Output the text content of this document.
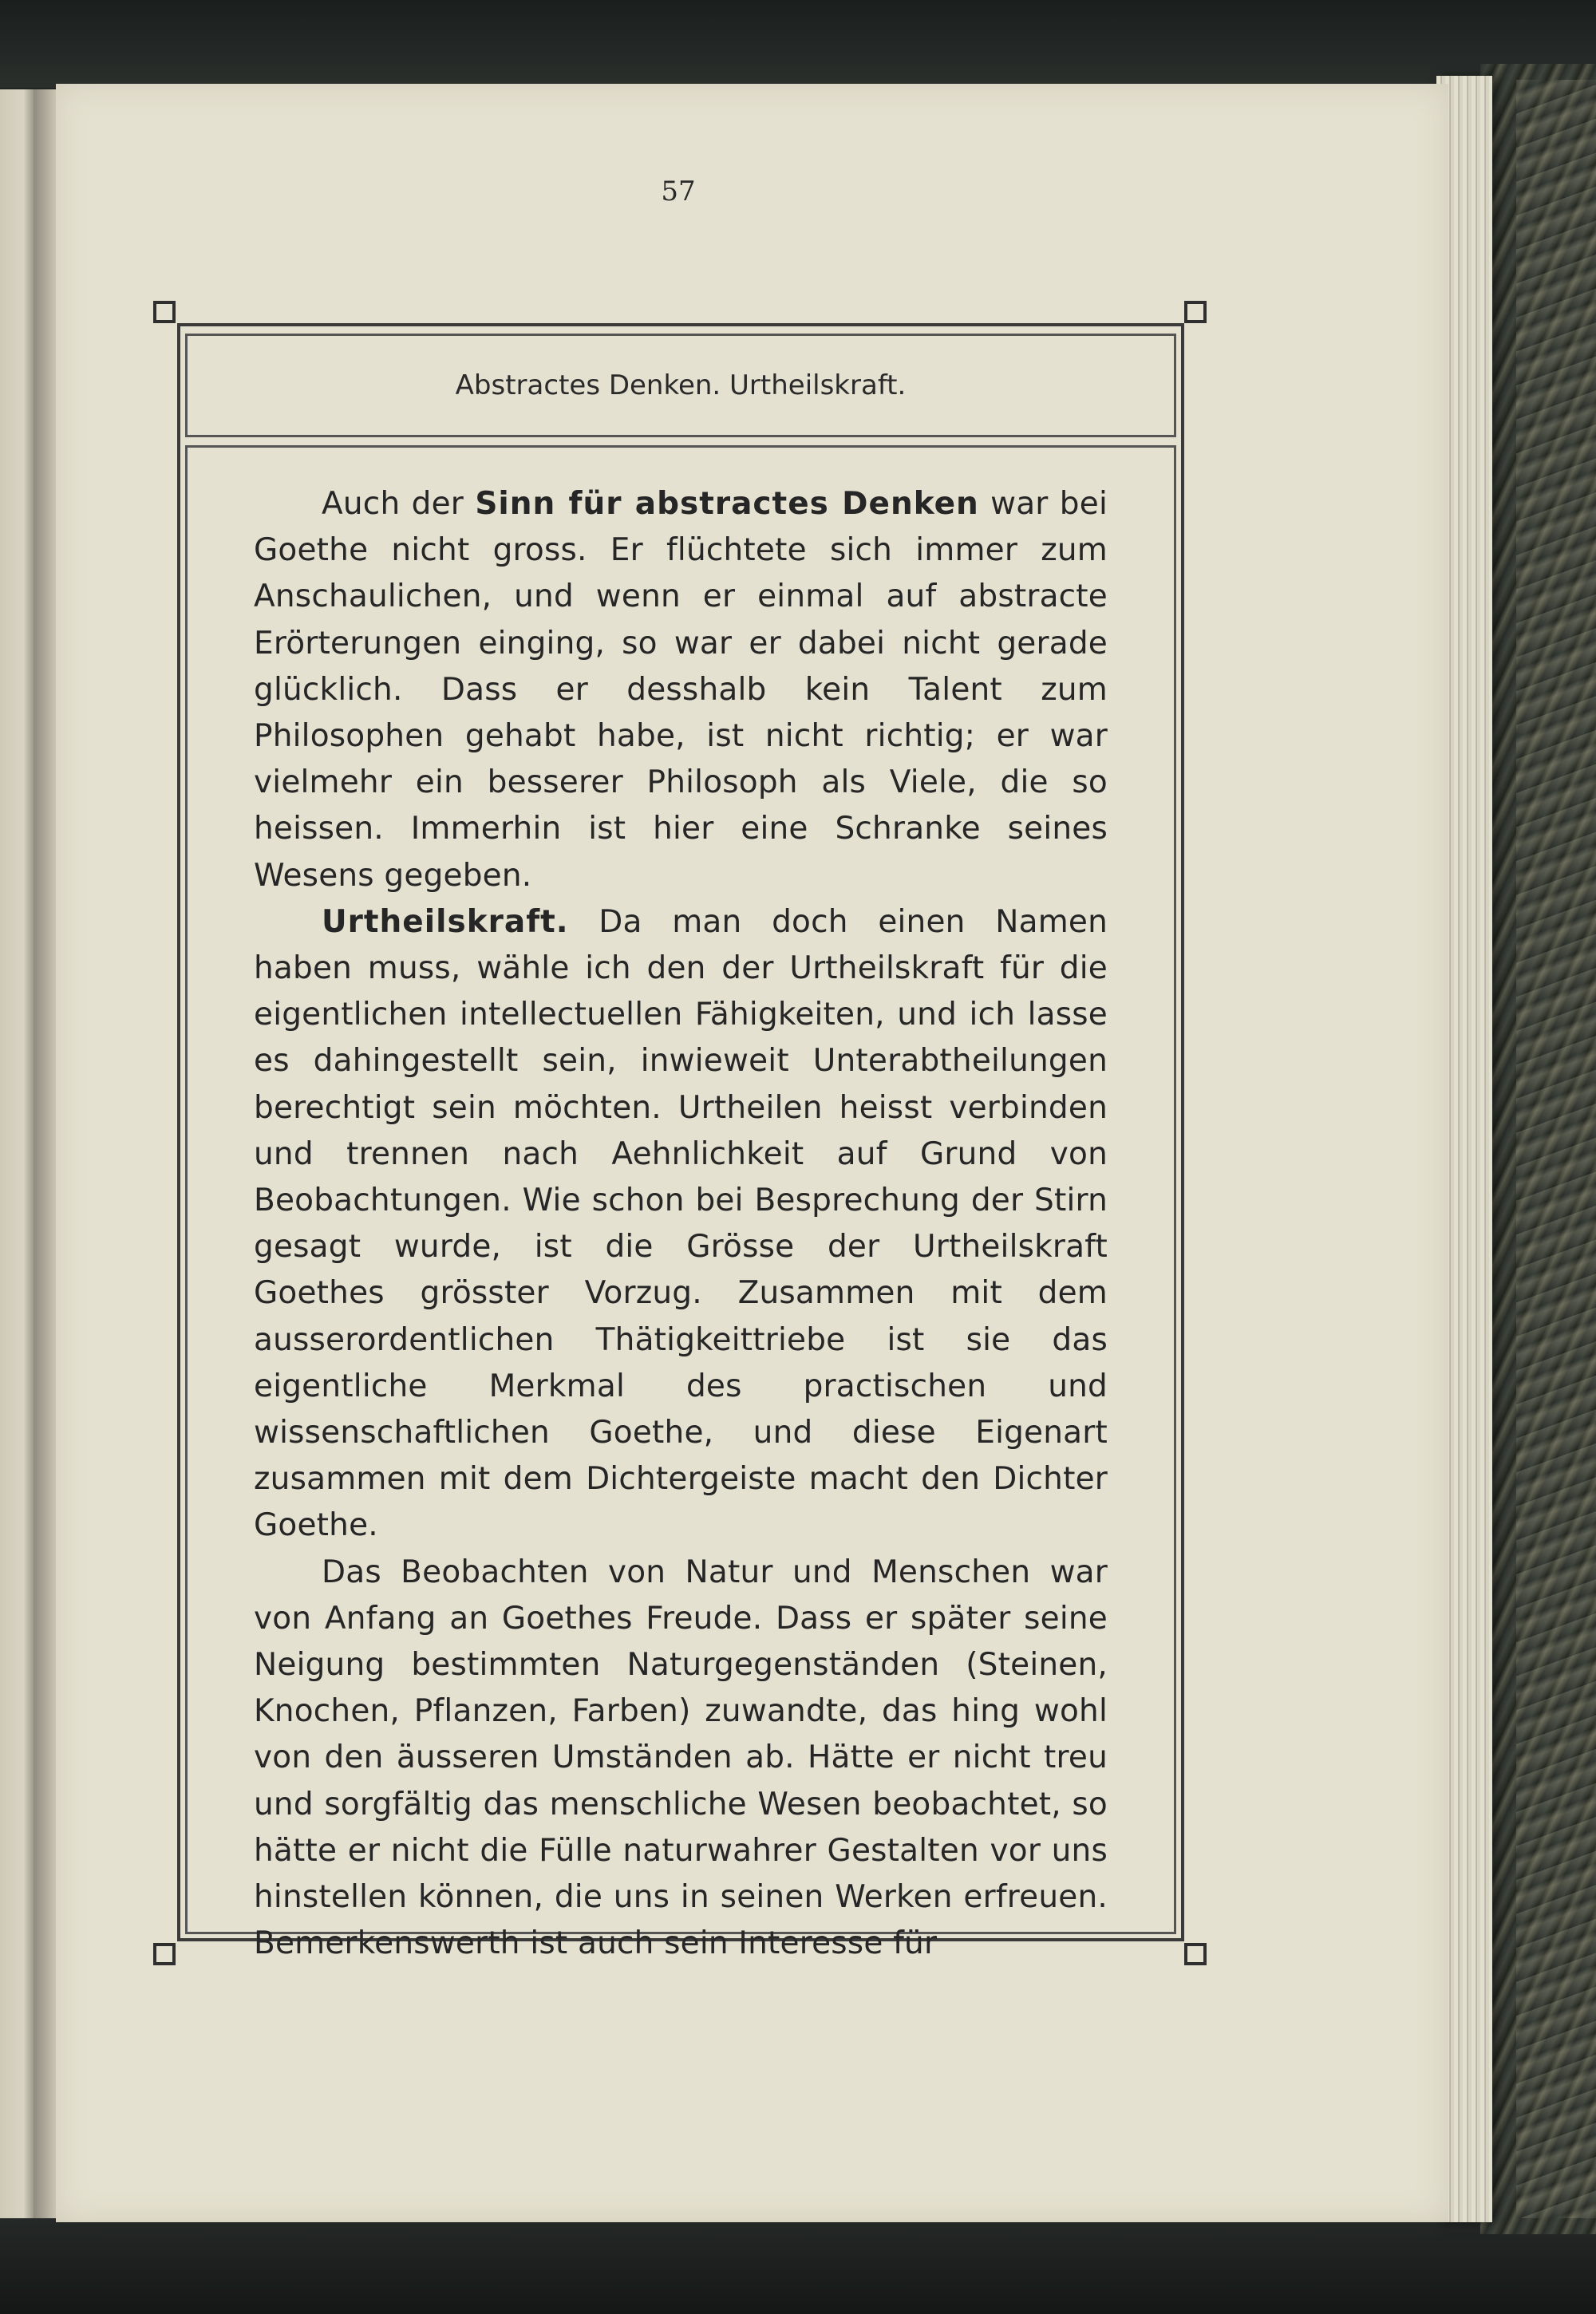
57
Abstractes Denken. Urtheilskraft.

Auch der Sinn für abstractes Denken war bei Goethe nicht gross. Er flüchtete sich immer zum Anschaulichen, und wenn er einmal auf abstracte Erörterungen einging, so war er dabei nicht gerade glücklich. Dass er desshalb kein Talent zum Philosophen gehabt habe, ist nicht richtig; er war vielmehr ein besserer Philosoph als Viele, die so heissen. Immerhin ist hier eine Schranke seines Wesens gegeben.

Urtheilskraft. Da man doch einen Namen haben muss, wähle ich den der Urtheilskraft für die eigentlichen intellectuellen Fähigkeiten, und ich lasse es dahingestellt sein, inwieweit Unterabtheilungen berechtigt sein möchten. Urtheilen heisst verbinden und trennen nach Aehnlichkeit auf Grund von Beobachtungen. Wie schon bei Besprechung der Stirn gesagt wurde, ist die Grösse der Urtheilskraft Goethes grösster Vorzug. Zusammen mit dem ausserordentlichen Thätigkeittriebe ist sie das eigentliche Merkmal des practischen und wissenschaftlichen Goethe, und diese Eigenart zusammen mit dem Dichtergeiste macht den Dichter Goethe.

Das Beobachten von Natur und Menschen war von Anfang an Goethes Freude. Dass er später seine Neigung bestimmten Naturgegenständen (Steinen, Knochen, Pflanzen, Farben) zuwandte, das hing wohl von den äusseren Umständen ab. Hätte er nicht treu und sorgfältig das menschliche Wesen beobachtet, so hätte er nicht die Fülle naturwahrer Gestalten vor uns hinstellen können, die uns in seinen Werken erfreuen. Bemerkenswerth ist auch sein Interesse für
